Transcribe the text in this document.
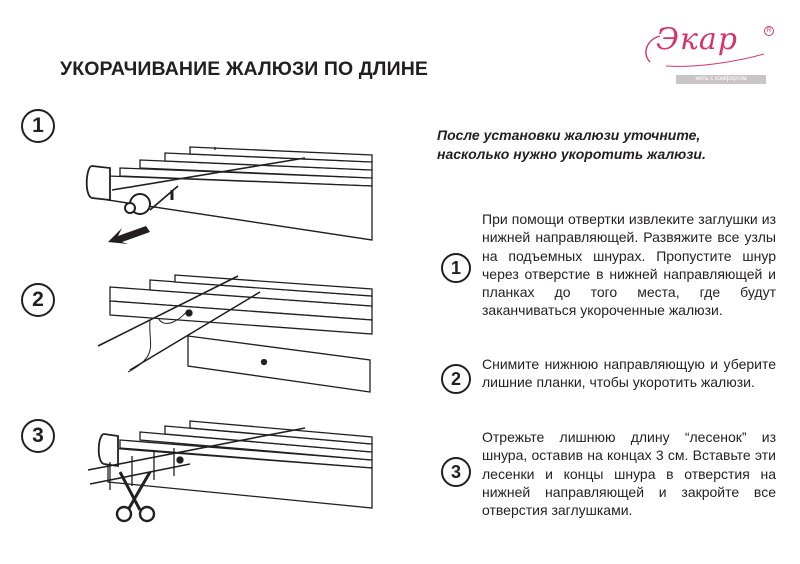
УКОРАЧИВАНИЕ ЖАЛЮЗИ ПО ДЛИНЕ
Экар	R
жить с комфортом
1
2
3
После установки жалюзи уточните,
насколько нужно укоротить жалюзи.
1
При помощи отвертки извлеките заглушки из нижней направляющей. Развяжите все узлы на подъемных шнурах. Пропустите шнур через отверстие в нижней направляющей и планках до того места, где будут заканчиваться укороченные жалюзи.
2
Снимите нижнюю направляющую и уберите лишние планки, чтобы укоротить жалюзи.
3
Отрежьте лишнюю длину “лесенок” из шнура, оставив на концах 3 см. Вставьте эти лесенки и концы шнура в отверстия на нижней направляющей и закройте все отверстия заглушками.
